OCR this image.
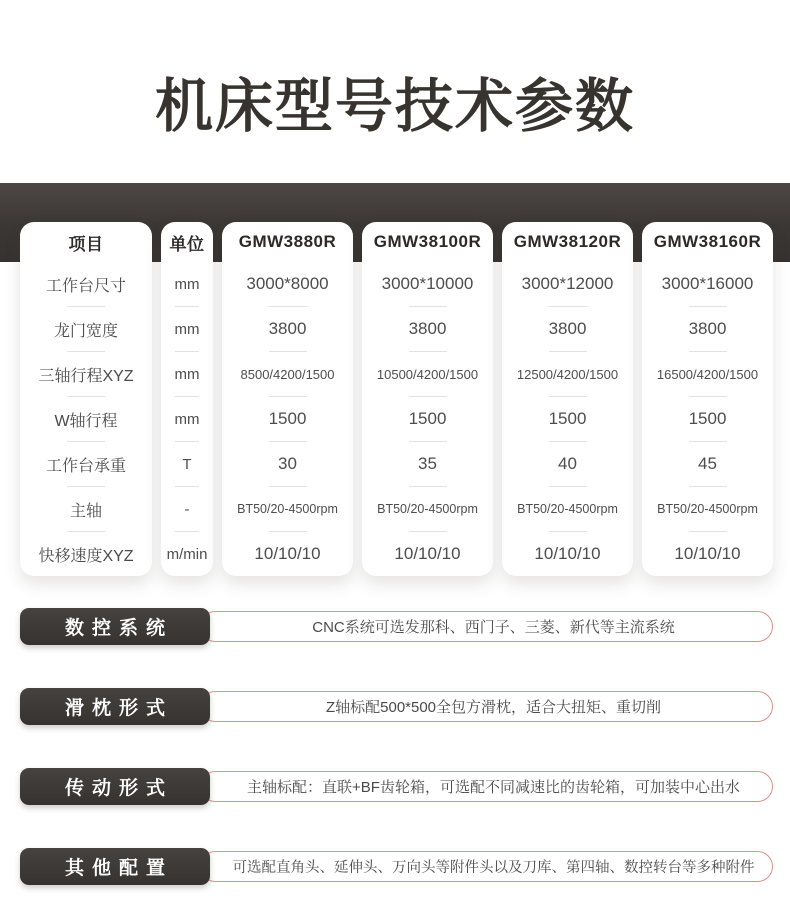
机床型号技术参数
项目
工作台尺寸
龙门宽度
三轴行程XYZ
W轴行程
工作台承重
主轴
快移速度XYZ
单位
mm
mm
mm
mm
T
-
m/min
GMW3880R
3000*8000
3800
8500/4200/1500
1500
30
BT50/20-4500rpm
10/10/10
GMW38100R
3000*10000
3800
10500/4200/1500
1500
35
BT50/20-4500rpm
10/10/10
GMW38120R
3000*12000
3800
12500/4200/1500
1500
40
BT50/20-4500rpm
10/10/10
GMW38160R
3000*16000
3800
16500/4200/1500
1500
45
BT50/20-4500rpm
10/10/10
CNC系统可选发那科、西门子、三菱、新代等主流系统
数控系统
Z轴标配500*500全包方滑枕，适合大扭矩、重切削
滑枕形式
主轴标配：直联+BF齿轮箱，可选配不同减速比的齿轮箱，可加装中心出水
传动形式
可选配直角头、延伸头、万向头等附件头以及刀库、第四轴、数控转台等多种附件
其他配置
